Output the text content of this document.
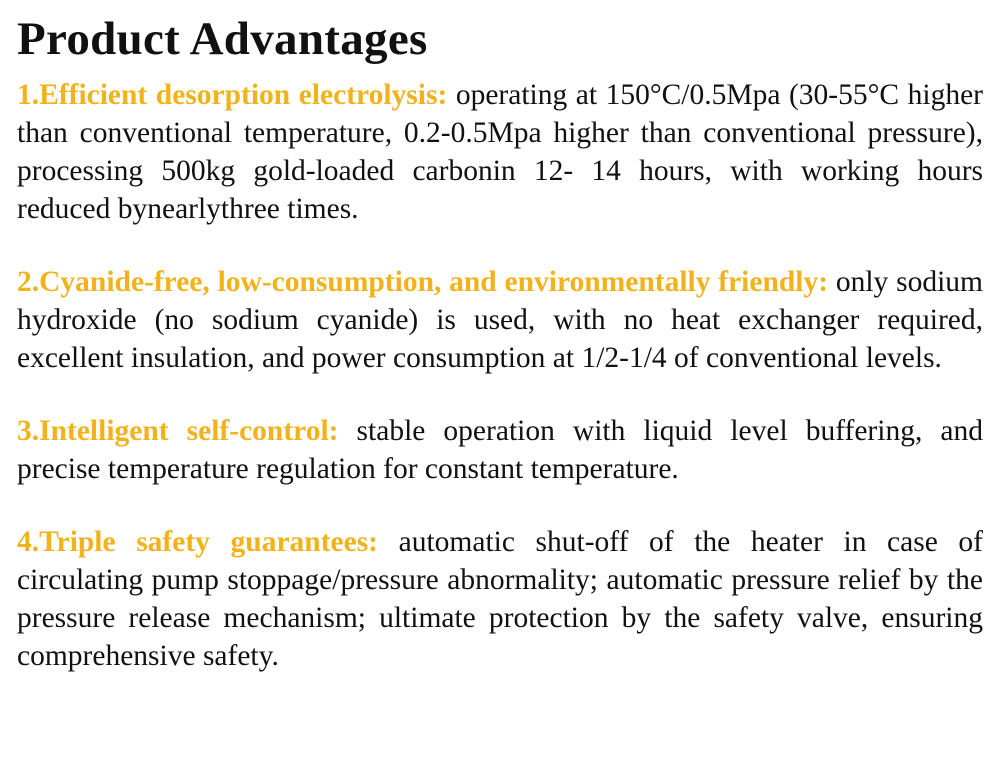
Product Advantages

1.Efficient desorption electrolysis: operating at 150°C/0.5Mpa (30-55°C higher than conventional temperature, 0.2-0.5Mpa higher than conventional pressure), processing 500kg gold-loaded carbonin 12- 14 hours, with working hours reduced bynearlythree times.

2.Cyanide-free, low-consumption, and environmentally friendly: only sodium hydroxide (no sodium cyanide) is used, with no heat exchanger required, excellent insulation, and power consumption at 1/2-1/4 of conventional levels.

3.Intelligent self-control: stable operation with liquid level buffering, and precise temperature regulation for constant temperature.

4.Triple safety guarantees: automatic shut-off of the heater in case of circulating pump stoppage/pressure abnormality; automatic pressure relief by the pressure release mechanism; ultimate protection by the safety valve, ensuring comprehensive safety.
